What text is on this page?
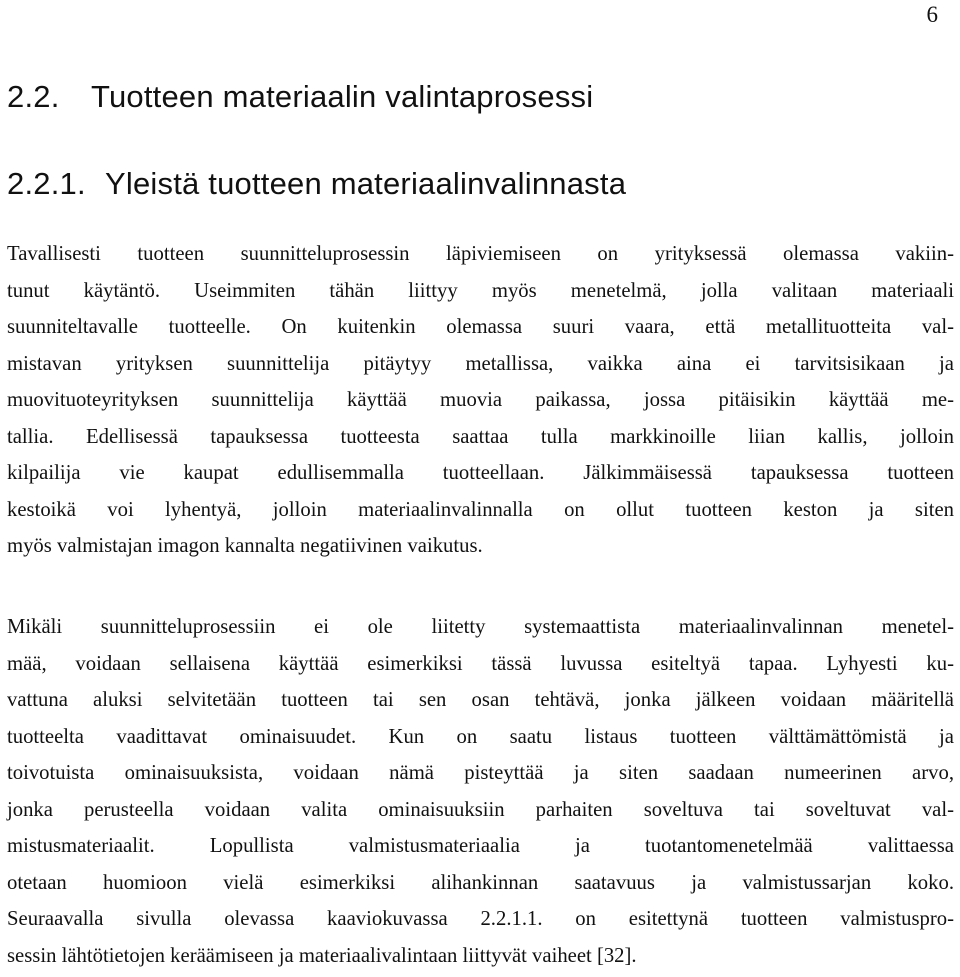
6

2.2. Tuotteen materiaalin valintaprosessi
2.2.1. Yleistä tuotteen materiaalinvalinnasta

Tavallisesti tuotteen suunnitteluprosessin läpiviemiseen on yrityksessä olemassa vakiin-
tunut käytäntö. Useimmiten tähän liittyy myös menetelmä, jolla valitaan materiaali
suunniteltavalle tuotteelle. On kuitenkin olemassa suuri vaara, että metallituotteita val-
mistavan yrityksen suunnittelija pitäytyy metallissa, vaikka aina ei tarvitsisikaan ja
muovituoteyrityksen suunnittelija käyttää muovia paikassa, jossa pitäisikin käyttää me-
tallia. Edellisessä tapauksessa tuotteesta saattaa tulla markkinoille liian kallis, jolloin
kilpailija vie kaupat edullisemmalla tuotteellaan. Jälkimmäisessä tapauksessa tuotteen
kestoikä voi lyhentyä, jolloin materiaalinvalinnalla on ollut tuotteen keston ja siten
myös valmistajan imagon kannalta negatiivinen vaikutus.

Mikäli suunnitteluprosessiin ei ole liitetty systemaattista materiaalinvalinnan menetel-
mää, voidaan sellaisena käyttää esimerkiksi tässä luvussa esiteltyä tapaa. Lyhyesti ku-
vattuna aluksi selvitetään tuotteen tai sen osan tehtävä, jonka jälkeen voidaan määritellä
tuotteelta vaadittavat ominaisuudet. Kun on saatu listaus tuotteen välttämättömistä ja
toivotuista ominaisuuksista, voidaan nämä pisteyttää ja siten saadaan numeerinen arvo,
jonka perusteella voidaan valita ominaisuuksiin parhaiten soveltuva tai soveltuvat val-
mistusmateriaalit. Lopullista valmistusmateriaalia ja tuotantomenetelmää valittaessa
otetaan huomioon vielä esimerkiksi alihankinnan saatavuus ja valmistussarjan koko.
Seuraavalla sivulla olevassa kaaviokuvassa 2.2.1.1. on esitettynä tuotteen valmistuspro-
sessin lähtötietojen keräämiseen ja materiaalivalintaan liittyvät vaiheet [32].
